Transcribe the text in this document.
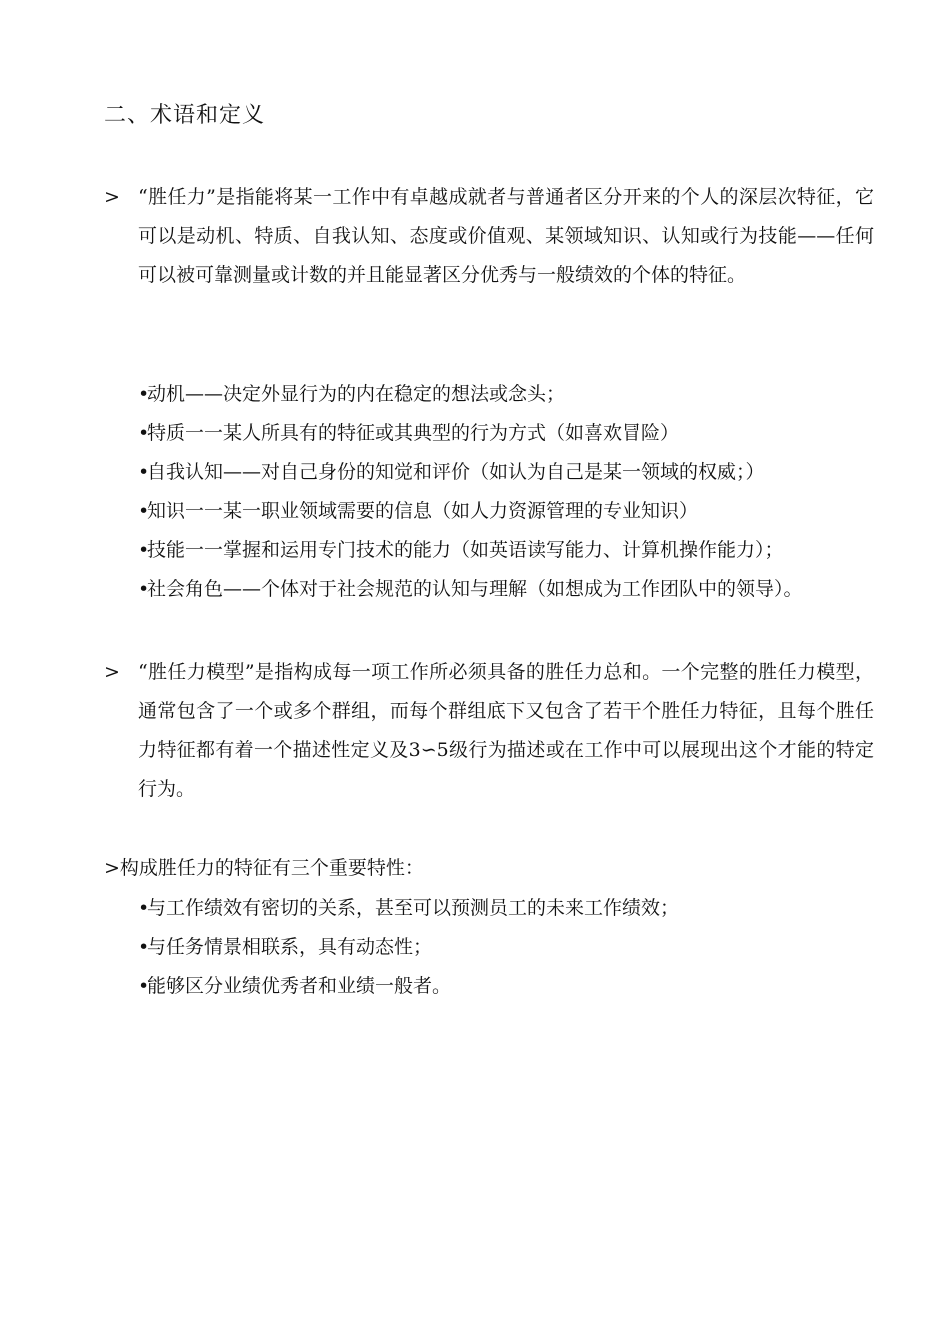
二、术语和定义
> “胜任力”是指能将某一工作中有卓越成就者与普通者区分开来的个人的深层次特征，它可以是动机、特质、自我认知、态度或价值观、某领域知识、认知或行为技能——任何可以被可靠测量或计数的并且能显著区分优秀与一般绩效的个体的特征。
•动机——决定外显行为的内在稳定的想法或念头；
•特质一一某人所具有的特征或其典型的行为方式（如喜欢冒险）
•自我认知——对自己身份的知觉和评价（如认为自己是某一领域的权威；）
•知识一一某一职业领域需要的信息（如人力资源管理的专业知识）
•技能一一掌握和运用专门技术的能力（如英语读写能力、计算机操作能力）；
•社会角色——个体对于社会规范的认知与理解（如想成为工作团队中的领导）。
> “胜任力模型”是指构成每一项工作所必须具备的胜任力总和。一个完整的胜任力模型，通常包含了一个或多个群组，而每个群组底下又包含了若干个胜任力特征，且每个胜任力特征都有着一个描述性定义及3∽5级行为描述或在工作中可以展现出这个才能的特定行为。
>构成胜任力的特征有三个重要特性：
•与工作绩效有密切的关系，甚至可以预测员工的未来工作绩效；
•与任务情景相联系，具有动态性；
•能够区分业绩优秀者和业绩一般者。
